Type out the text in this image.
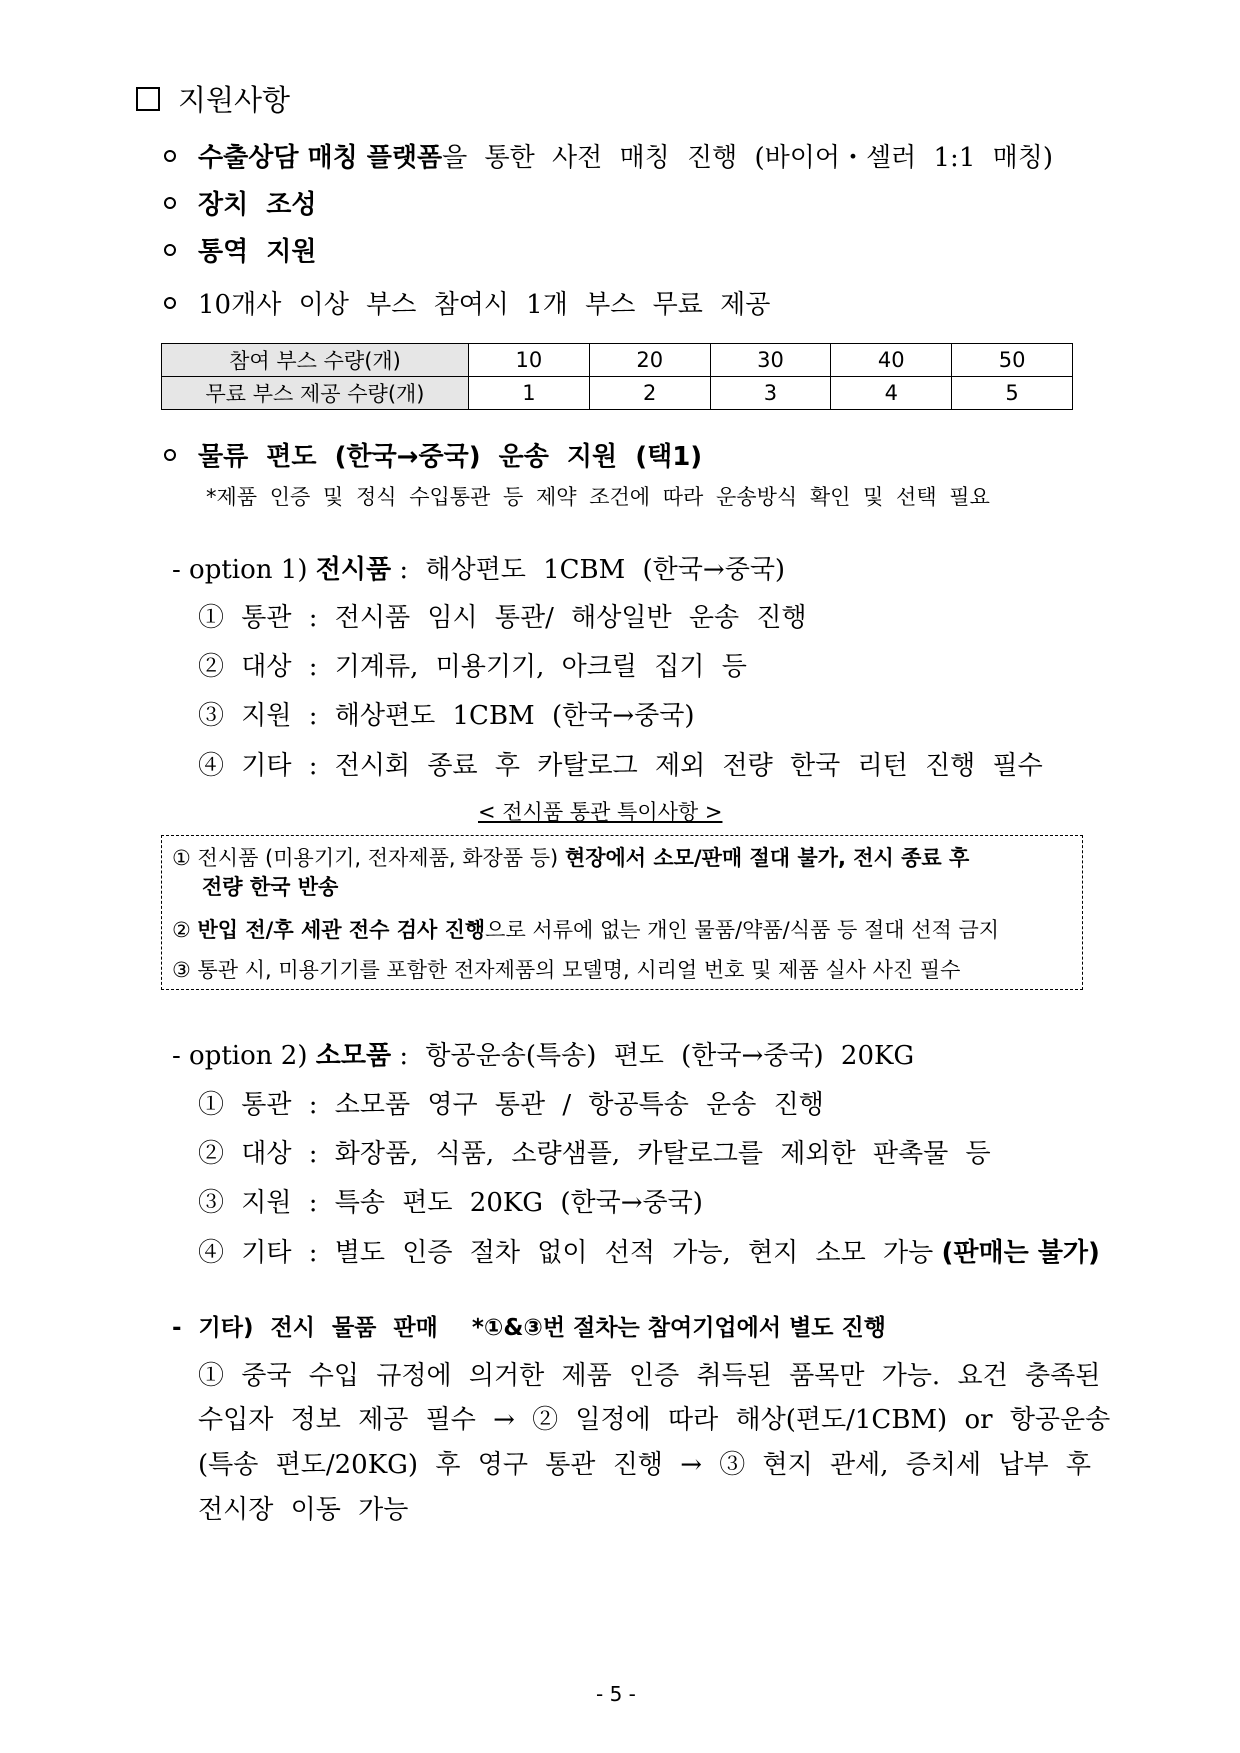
지원사항
수출상담 매칭 플랫폼 을 통한 사전 매칭 진행 (바이어・셀러 1:1 매칭)
장치 조성
통역 지원
10개사 이상 부스 참여시 1개 부스 무료 제공
참여 부스 수량(개)	10	20	30	40	50
무료 부스 제공 수량(개)	1	2	3	4	5
물류 편도 (한국→중국) 운송 지원 (택1)
*제품 인증 및 정식 수입통관 등 제약 조건에 따라 운송방식 확인 및 선택 필요
- option 1) 전시품 : 해상편도 1CBM (한국→중국)
① 통관 : 전시품 임시 통관/ 해상일반 운송 진행
② 대상 : 기계류, 미용기기, 아크릴 집기 등
③ 지원 : 해상편도 1CBM (한국→중국)
④ 기타 : 전시회 종료 후 카탈로그 제외 전량 한국 리턴 진행 필수
< 전시품 통관 특이사항 >
① 전시품 (미용기기, 전자제품, 화장품 등) 현장에서 소모/판매 절대 불가, 전시 종료 후
전량 한국 반송
② 반입 전/후 세관 전수 검사 진행으로 서류에 없는 개인 물품/약품/식품 등 절대 선적 금지
③ 통관 시, 미용기기를 포함한 전자제품의 모델명, 시리얼 번호 및 제품 실사 사진 필수
- option 2) 소모품 : 항공운송(특송) 편도 (한국→중국) 20KG
① 통관 : 소모품 영구 통관 / 항공특송 운송 진행
② 대상 : 화장품, 식품, 소량샘플, 카탈로그를 제외한 판촉물 등
③ 지원 : 특송 편도 20KG (한국→중국)
④ 기타 : 별도 인증 절차 없이 선적 가능, 현지 소모 가능 (판매는 불가)
- 기타) 전시 물품 판매 *①&③번 절차는 참여기업에서 별도 진행
① 중국 수입 규정에 의거한 제품 인증 취득된 품목만 가능. 요건 충족된
수입자 정보 제공 필수 → ② 일정에 따라 해상(편도/1CBM) or 항공운송
(특송 편도/20KG) 후 영구 통관 진행 → ③ 현지 관세, 증치세 납부 후
전시장 이동 가능
- 5 -
